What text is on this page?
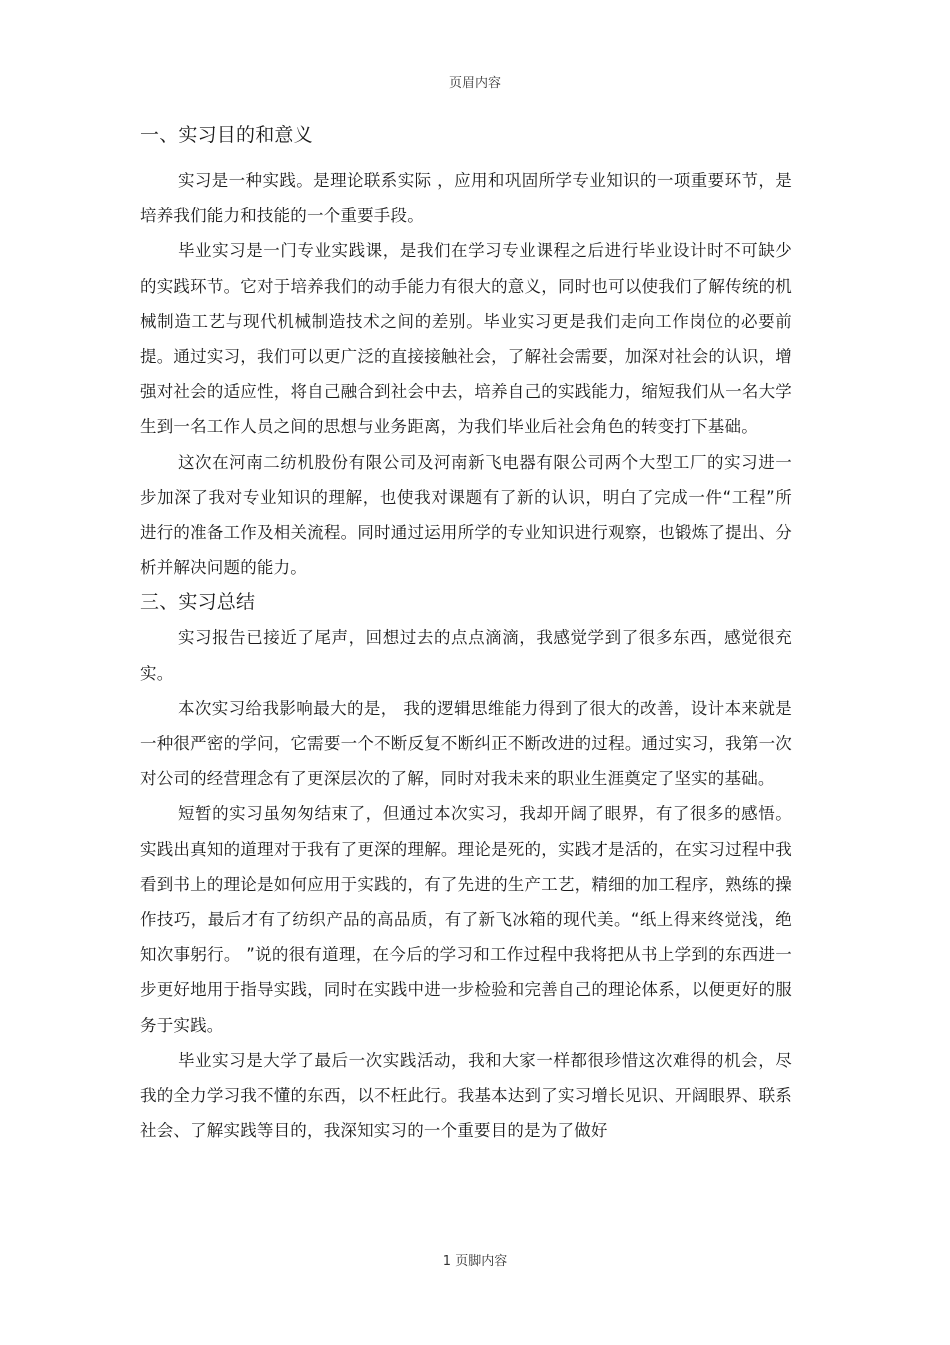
页眉内容
一、实习目的和意义

实习是一种实践。是理论联系实际 ，应用和巩固所学专业知识的一项重要环节，是培养我们能力和技能的一个重要手段。

毕业实习是一门专业实践课，是我们在学习专业课程之后进行毕业设计时不可缺少的实践环节。它对于培养我们的动手能力有很大的意义，同时也可以使我们了解传统的机械制造工艺与现代机械制造技术之间的差别。毕业实习更是我们走向工作岗位的必要前提。通过实习，我们可以更广泛的直接接触社会，了解社会需要，加深对社会的认识，增强对社会的适应性，将自己融合到社会中去，培养自己的实践能力，缩短我们从一名大学生到一名工作人员之间的思想与业务距离，为我们毕业后社会角色的转变打下基础。

这次在河南二纺机股份有限公司及河南新飞电器有限公司两个大型工厂的实习进一步加深了我对专业知识的理解，也使我对课题有了新的认识，明白了完成一件“工程”所进行的准备工作及相关流程。同时通过运用所学的专业知识进行观察，也锻炼了提出、分析并解决问题的能力。

三、实习总结

实习报告已接近了尾声，回想过去的点点滴滴，我感觉学到了很多东西，感觉很充实。

本次实习给我影响最大的是， 我的逻辑思维能力得到了很大的改善，设计本来就是一种很严密的学问，它需要一个不断反复不断纠正不断改进的过程。通过实习，我第一次对公司的经营理念有了更深层次的了解，同时对我未来的职业生涯奠定了坚实的基础。

短暂的实习虽匆匆结束了，但通过本次实习，我却开阔了眼界，有了很多的感悟。实践出真知的道理对于我有了更深的理解。理论是死的，实践才是活的，在实习过程中我看到书上的理论是如何应用于实践的，有了先进的生产工艺，精细的加工程序，熟练的操作技巧，最后才有了纺织产品的高品质，有了新飞冰箱的现代美。“纸上得来终觉浅，绝知次事躬行。 ”说的很有道理，在今后的学习和工作过程中我将把从书上学到的东西进一步更好地用于指导实践，同时在实践中进一步检验和完善自己的理论体系，以便更好的服务于实践。

毕业实习是大学了最后一次实践活动，我和大家一样都很珍惜这次难得的机会，尽我的全力学习我不懂的东西，以不枉此行。我基本达到了实习增长见识、开阔眼界、联系社会、了解实践等目的，我深知实习的一个重要目的是为了做好

1 页脚内容
